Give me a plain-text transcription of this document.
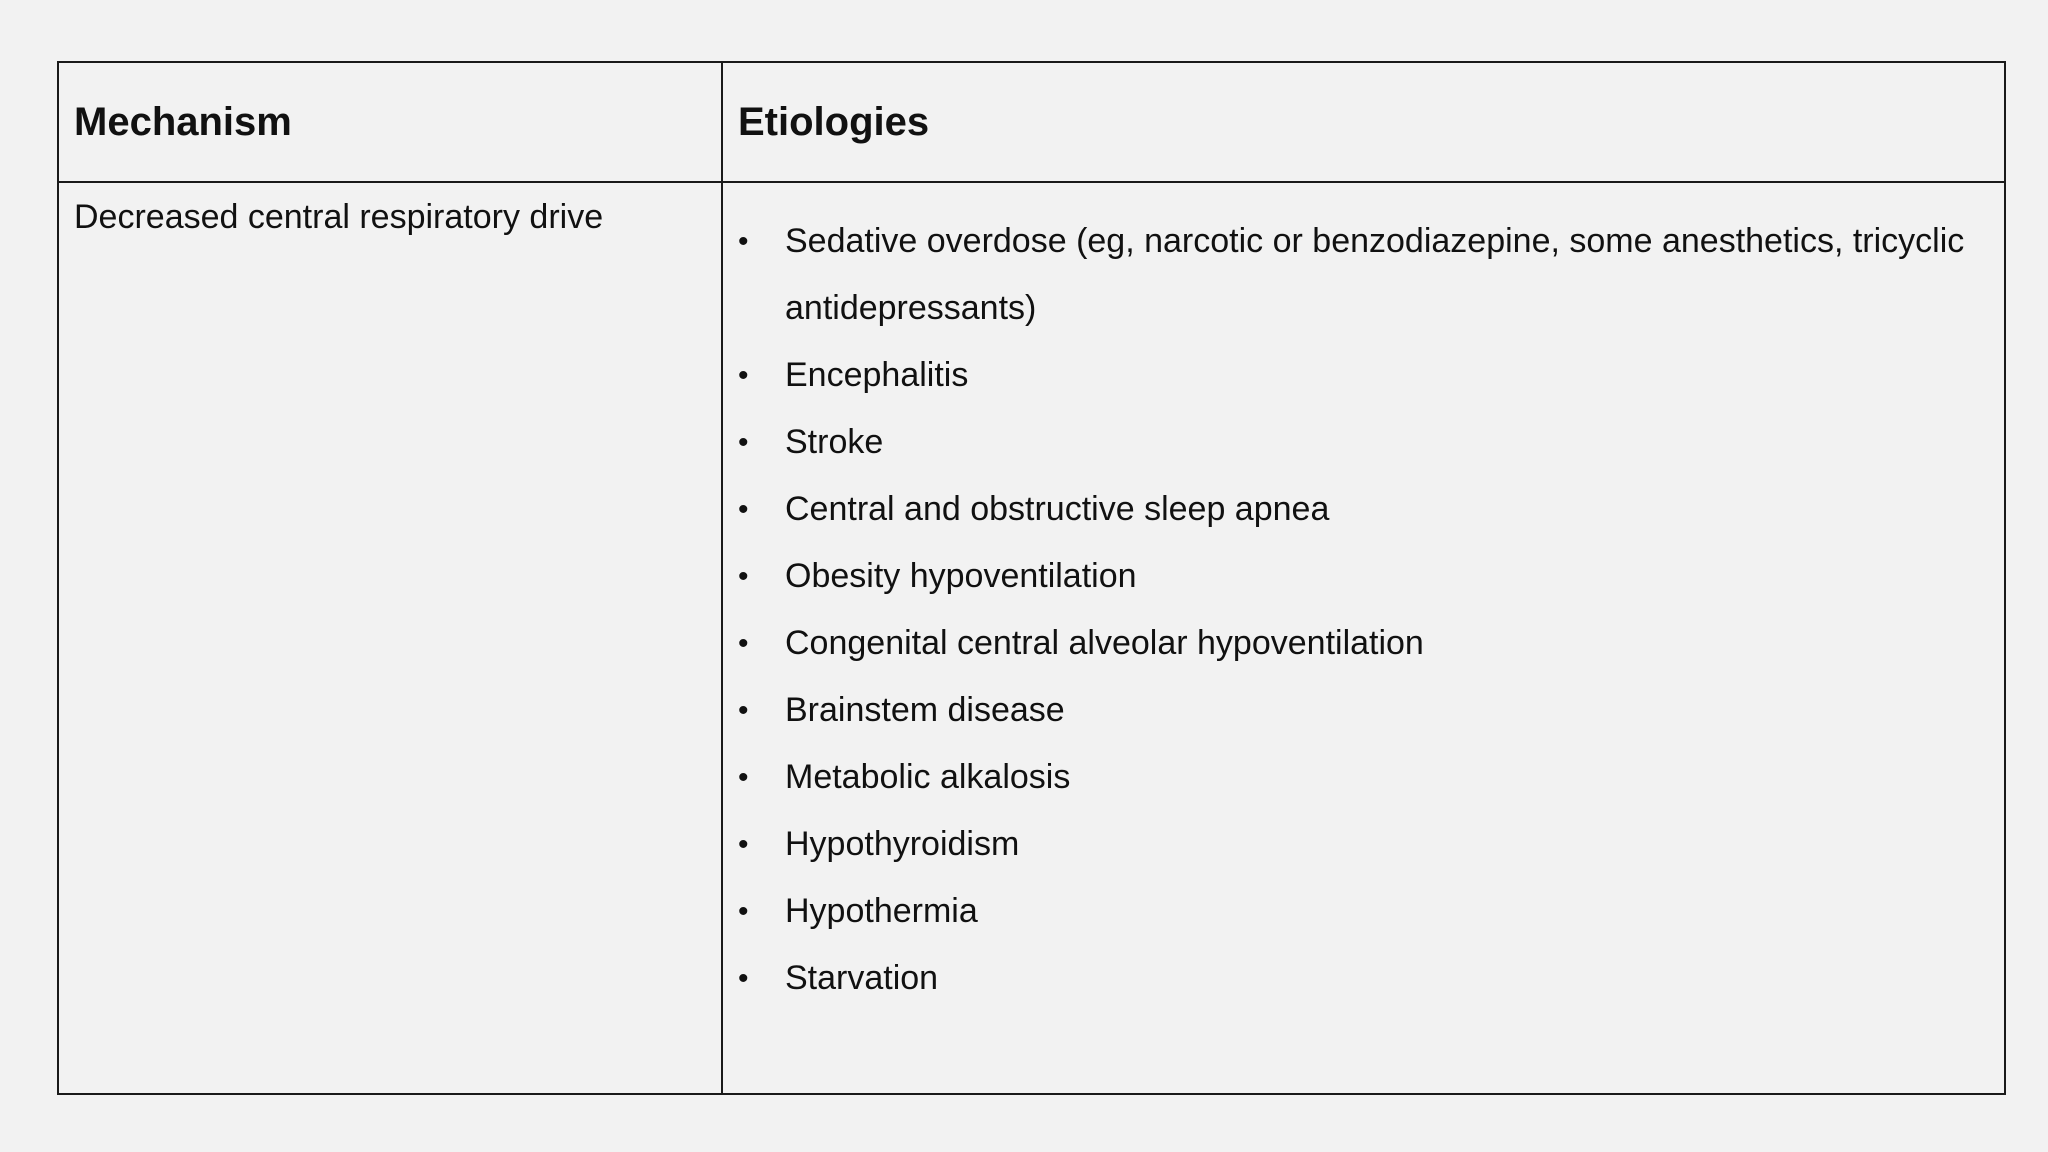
Mechanism	Etiologies
Decreased central respiratory drive
•	Sedative overdose (eg, narcotic or benzodiazepine, some anesthetics, tricyclic antidepressants)
•	Encephalitis
•	Stroke
•	Central and obstructive sleep apnea
•	Obesity hypoventilation
•	Congenital central alveolar hypoventilation
•	Brainstem disease
•	Metabolic alkalosis
•	Hypothyroidism
•	Hypothermia
•	Starvation
